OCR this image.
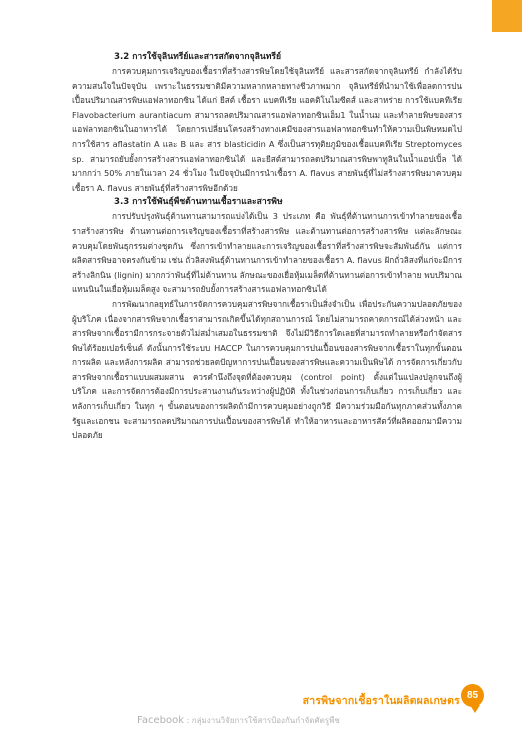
3.2 การใช้จุลินทรีย์และสารสกัดจากจุลินทรีย์

การควบคุมการเจริญของเชื้อราที่สร้างสารพิษโดยใช้จุลินทรีย์ และสารสกัดจากจุลินทรีย์ กำลังได้รับความสนใจในปัจจุบัน เพราะในธรรมชาติมีความหลากหลายทางชีวภาพมาก จุลินทรีย์ที่นำมาใช้เพื่อลดการปนเปื้อนปริมาณสารพิษแอฟลาทอกซิน ได้แก่ ยีสต์ เชื้อรา แบคทีเรีย แอคติโนไมซีตส์ และสาหร่าย การใช้แบคทีเรีย Flavobacterium aurantiacum สามารถลดปริมาณสารแอฟลาทอกซินเอ็ม1 ในน้ำนม และทำลายพิษของสารแอฟลาทอกซินในอาหารได้ โดยการเปลี่ยนโครงสร้างทางเคมีของสารแอฟลาทอกซินทำให้ความเป็นพิษหมดไป การใช้สาร aflastatin A และ B และ สาร blasticidin A ซึ่งเป็นสารทุติยภูมิของเชื้อแบคทีเรีย Streptomyces sp. สามารถยับยั้งการสร้างสารแอฟลาทอกซินได้ และยีสต์สามารถลดปริมาณสารพิษพาทูลินในน้ำแอปเปิ้ล ได้มากกว่า 50% ภายในเวลา 24 ชั่วโมง ในปัจจุบันมีการนำเชื้อรา A. flavus สายพันธุ์ที่ไม่สร้างสารพิษมาควบคุมเชื้อรา A. flavus สายพันธุ์ที่สร้างสารพิษอีกด้วย

3.3 การใช้พันธุ์พืชต้านทานเชื้อราและสารพิษ

การปรับปรุงพันธุ์ต้านทานสามารถแบ่งได้เป็น 3 ประเภท คือ พันธุ์ที่ต้านทานการเข้าทำลายของเชื้อราสร้างสารพิษ ต้านทานต่อการเจริญของเชื้อราที่สร้างสารพิษ และต้านทานต่อการสร้างสารพิษ แต่ละลักษณะควบคุมโดยพันธุกรรมต่างชุดกัน ซึ่งการเข้าทำลายและการเจริญของเชื้อราที่สร้างสารพิษจะสัมพันธ์กัน แต่การผลิตสารพิษอาจตรงกันข้าม เช่น ถั่วลิสงพันธุ์ต้านทานการเข้าทำลายของเชื้อรา A. flavus ฝักถั่วลิสงที่แก่จะมีการสร้างลิกนิน (lignin) มากกว่าพันธุ์ที่ไม่ต้านทาน ลักษณะของเยื่อหุ้มเมล็ดที่ต้านทานต่อการเข้าทำลาย พบปริมาณแทนนินในเยื่อหุ้มเมล็ดสูง จะสามารถยับยั้งการสร้างสารแอฟลาทอกซินได้

การพัฒนากลยุทธ์ในการจัดการควบคุมสารพิษจากเชื้อราเป็นสิ่งจำเป็น เพื่อประกันความปลอดภัยของผู้บริโภค เนื่องจากสารพิษจากเชื้อราสามารถเกิดขึ้นได้ทุกสถานการณ์ โดยไม่สามารถคาดการณ์ได้ล่วงหน้า และสารพิษจากเชื้อรามีการกระจายตัวไม่สม่ำเสมอในธรรมชาติ จึงไม่มีวิธีการใดเลยที่สามารถทำลายหรือกำจัดสารพิษได้ร้อยเปอร์เซ็นต์ ดังนั้นการใช้ระบบ HACCP ในการควบคุมการปนเปื้อนของสารพิษจากเชื้อราในทุกขั้นตอนการผลิต และหลังการผลิต สามารถช่วยลดปัญหาการปนเปื้อนของสารพิษและความเป็นพิษได้ การจัดการเกี่ยวกับสารพิษจากเชื้อราแบบผสมผสาน ควรคำนึงถึงจุดที่ต้องควบคุม (control point) ตั้งแต่ในแปลงปลูกจนถึงผู้บริโภค และการจัดการต้องมีการประสานงานกันระหว่างผู้ปฏิบัติ ทั้งในช่วงก่อนการเก็บเกี่ยว การเก็บเกี่ยว และหลังการเก็บเกี่ยว ในทุก ๆ ขั้นตอนของการผลิตถ้ามีการควบคุมอย่างถูกวิธี มีความร่วมมือกันทุกภาคส่วนทั้งภาครัฐและเอกชน จะสามารถลดปริมาณการปนเปื้อนของสารพิษได้ ทำให้อาหารและอาหารสัตว์ที่ผลิตออกมามีความปลอดภัย

สารพิษจากเชื้อราในผลิตผลเกษตร 85
Facebook : กลุ่มงานวิจัยการใช้สารป้องกันกำจัดศัตรูพืช
